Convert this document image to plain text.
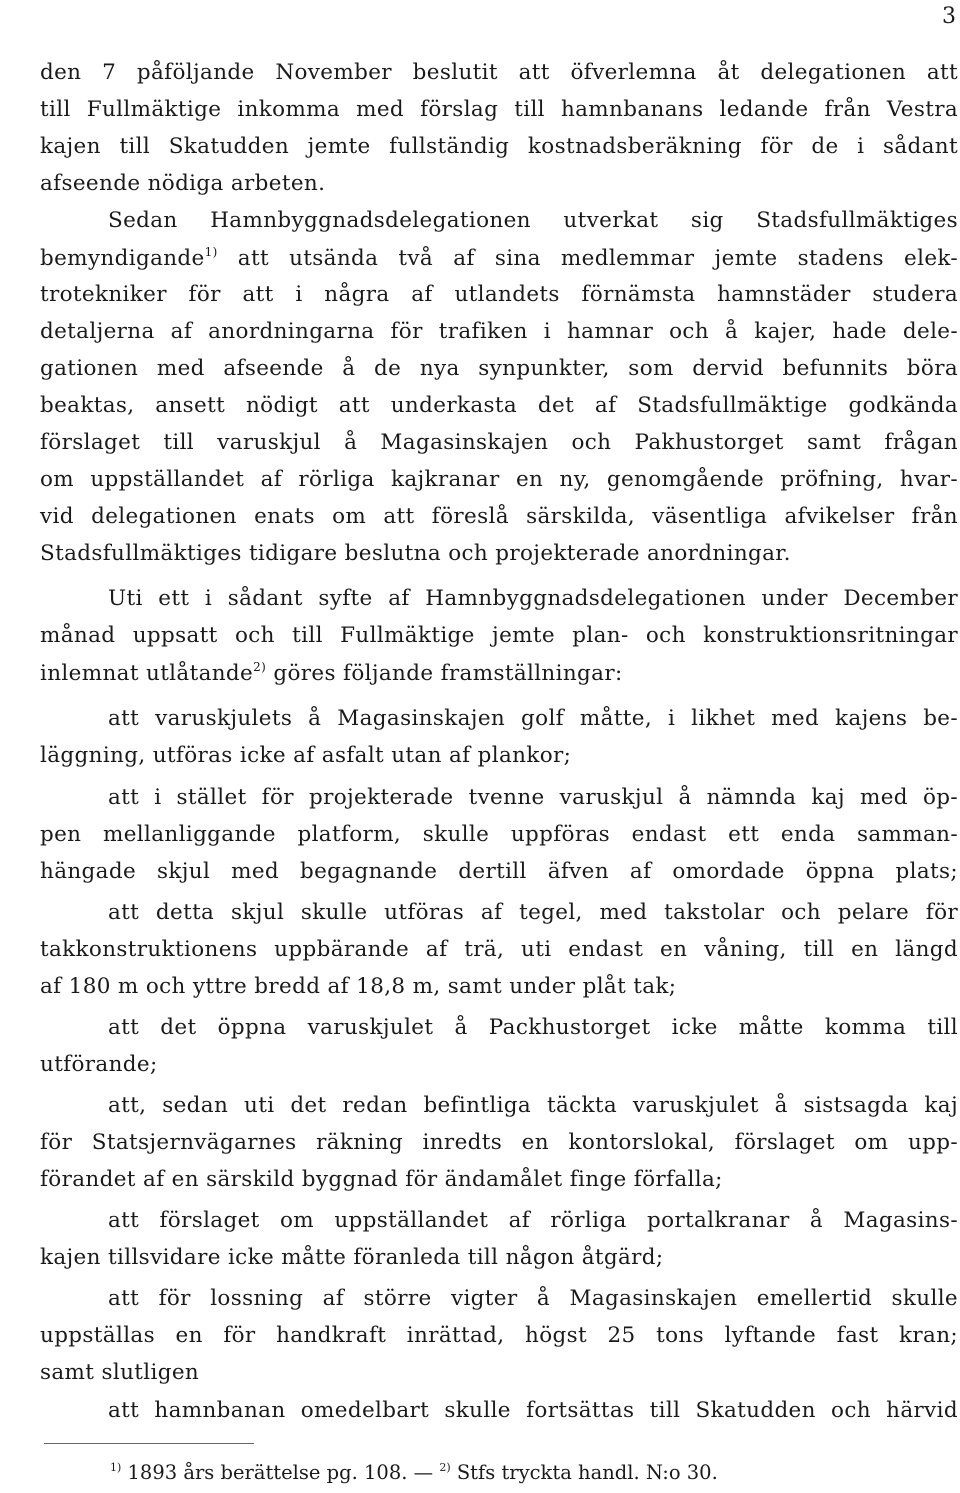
3
den 7 påföljande November beslutit att öfverlemna åt delegationen att
till Fullmäktige inkomma med förslag till hamnbanans ledande från Vestra
kajen till Skatudden jemte fullständig kostnadsberäkning för de i sådant
afseende nödiga arbeten.
Sedan Hamnbyggnadsdelegationen utverkat sig Stadsfullmäktiges
bemyndigande$^{1)}$ att utsända två af sina medlemmar jemte stadens elek-
trotekniker för att i några af utlandets förnämsta hamnstäder studera
detaljerna af anordningarna för trafiken i hamnar och å kajer, hade dele-
gationen med afseende å de nya synpunkter, som dervid befunnits böra
beaktas, ansett nödigt att underkasta det af Stadsfullmäktige godkända
förslaget till varuskjul å Magasinskajen och Pakhustorget samt frågan
om uppställandet af rörliga kajkranar en ny, genomgående pröfning, hvar-
vid delegationen enats om att föreslå särskilda, väsentliga afvikelser från
Stadsfullmäktiges tidigare beslutna och projekterade anordningar.
Uti ett i sådant syfte af Hamnbyggnadsdelegationen under December
månad uppsatt och till Fullmäktige jemte plan- och konstruktionsritningar
inlemnat utlåtande$^{2)}$ göres följande framställningar:
att varuskjulets å Magasinskajen golf måtte, i likhet med kajens be-
läggning, utföras icke af asfalt utan af plankor;
att i stället för projekterade tvenne varuskjul å nämnda kaj med öp-
pen mellanliggande platform, skulle uppföras endast ett enda samman-
hängade skjul med begagnande dertill äfven af omordade öppna plats;
att detta skjul skulle utföras af tegel, med takstolar och pelare för
takkonstruktionens uppbärande af trä, uti endast en våning, till en längd
af 180 m och yttre bredd af 18,8 m, samt under plåt tak;
att det öppna varuskjulet å Packhustorget icke måtte komma till
utförande;
att, sedan uti det redan befintliga täckta varuskjulet å sistsagda kaj
för Statsjernvägarnes räkning inredts en kontorslokal, förslaget om upp-
förandet af en särskild byggnad för ändamålet finge förfalla;
att förslaget om uppställandet af rörliga portalkranar å Magasins-
kajen tillsvidare icke måtte föranleda till någon åtgärd;
att för lossning af större vigter å Magasinskajen emellertid skulle
uppställas en för handkraft inrättad, högst 25 tons lyftande fast kran;
samt slutligen
att hamnbanan omedelbart skulle fortsättas till Skatudden och härvid
$^{1)}$ 1893 års berättelse pg. 108. — $^{2)}$ Stfs tryckta handl. N:o 30.
